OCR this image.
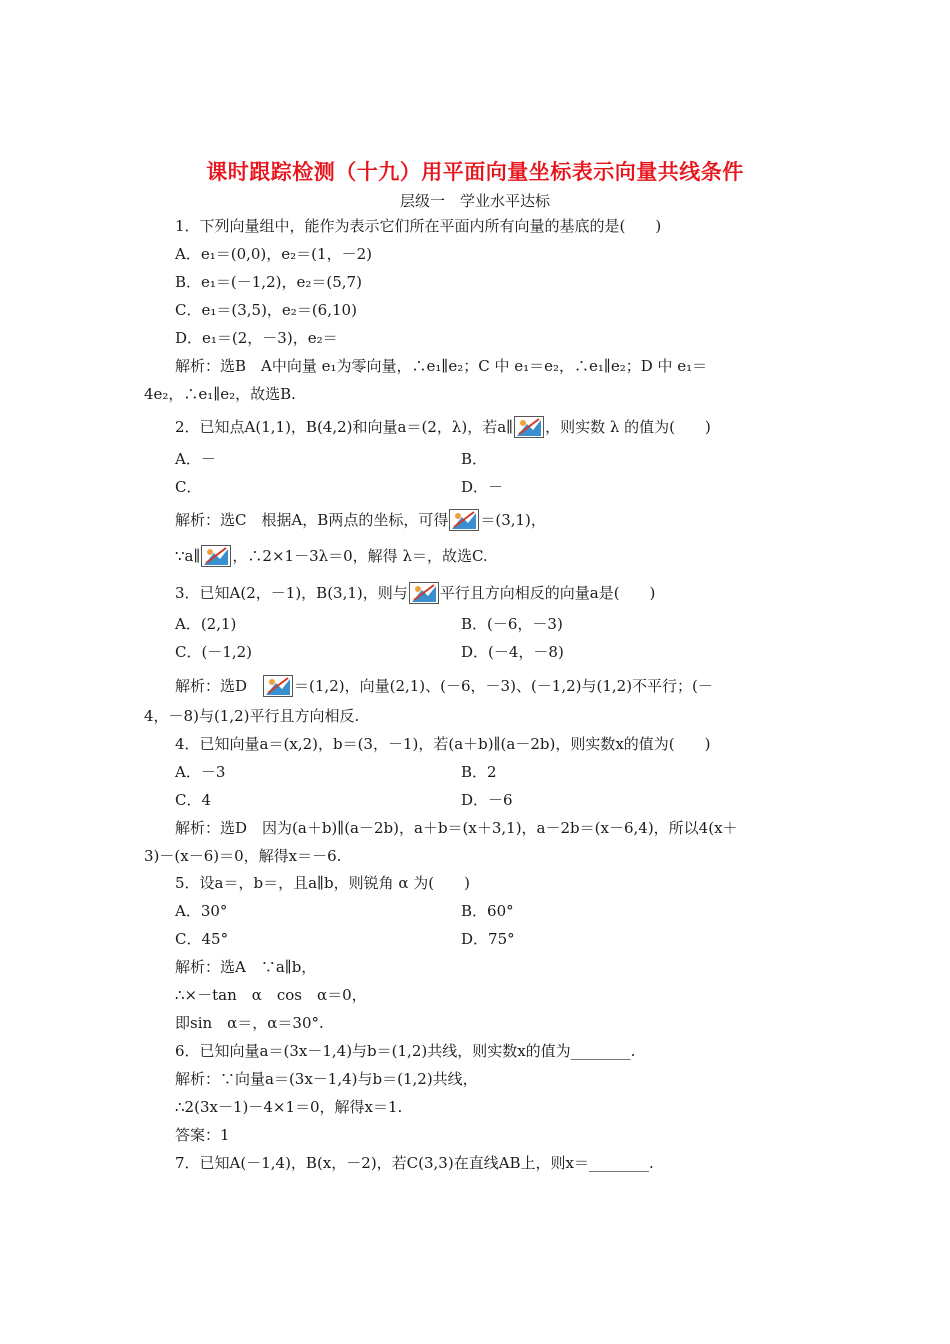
课时跟踪检测（十九）用平面向量坐标表示向量共线条件
层级一　学业水平达标
1．下列向量组中，能作为表示它们所在平面内所有向量的基底的是(　　)
A．e₁＝(0,0)，e₂＝(1，－2)
B．e₁＝(－1,2)，e₂＝(5,7)
C．e₁＝(3,5)，e₂＝(6,10)
D．e₁＝(2，－3)，e₂＝
解析：选B　A中向量 e₁为零向量，∴e₁∥e₂；C 中 e₁＝e₂，∴e₁∥e₂；D 中 e₁＝
4e₂，∴e₁∥e₂，故选B.
2．已知点A(1,1)，B(4,2)和向量a＝(2，λ)，若a∥ ，则实数 λ 的值为(　　)
A．－	B．
C．	D．－
解析：选C　根据A，B两点的坐标，可得 ＝(3,1)，
∵a∥ ，∴2×1－3λ＝0，解得 λ＝，故选C.
3．已知A(2，－1)，B(3,1)，则与 平行且方向相反的向量a是(　　)
A．(2,1)	B．(－6，－3)
C．(－1,2)	D．(－4，－8)
解析：选D　
＝(1,2)，向量(2,1)、(－6，－3)、(－1,2)与(1,2)不平行；(－
4，－8)与(1,2)平行且方向相反.
4．已知向量a＝(x,2)，b＝(3，－1)，若(a＋b)∥(a－2b)，则实数x的值为(　　)
A．－3	B．2
C．4	D．－6
解析：选D　因为(a＋b)∥(a－2b)，a＋b＝(x＋3,1)，a－2b＝(x－6,4)，所以4(x＋
3)－(x－6)＝0，解得x＝－6.
5．设a＝，b＝，且a∥b，则锐角 α 为(　　)
A．30°	B．60°
C．45°	D．75°
解析：选A　∵a∥b，
∴×－tan　α　cos　α＝0，
即sin　α＝，α＝30°.
6．已知向量a＝(3x－1,4)与b＝(1,2)共线，则实数x的值为________.
解析：∵向量a＝(3x－1,4)与b＝(1,2)共线，
∴2(3x－1)－4×1＝0，解得x＝1.
答案：1
7．已知A(－1,4)，B(x，－2)，若C(3,3)在直线AB上，则x＝________.
